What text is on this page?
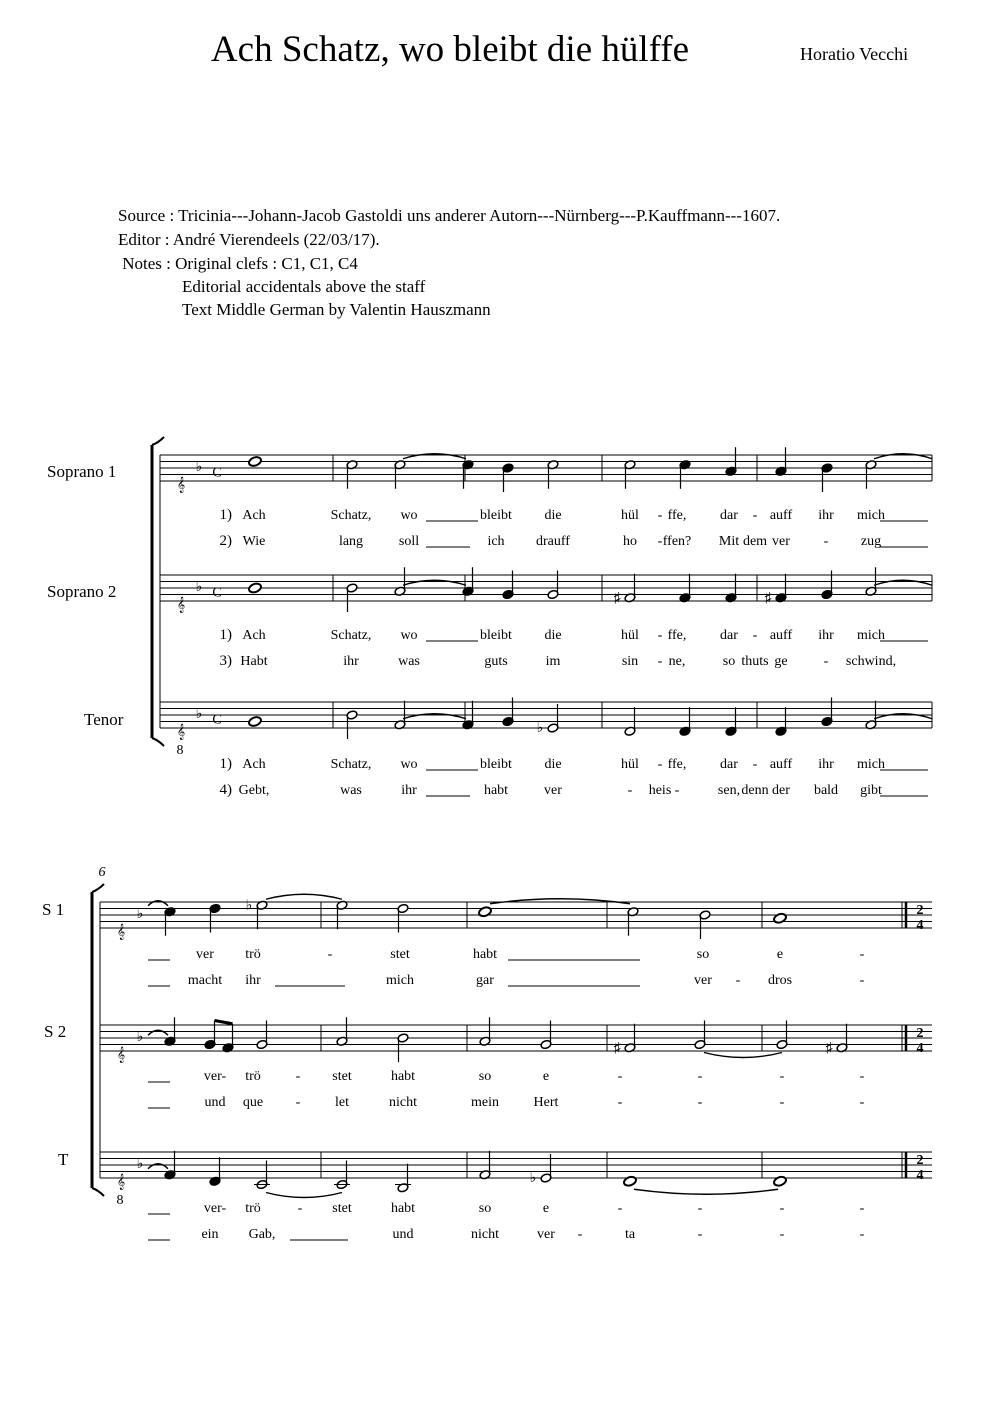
Ach Schatz, wo bleibt die hülffe	Horatio Vecchi
Source : Tricinia---Johann-Jacob Gastoldi uns anderer Autorn---Nürnberg---P.Kauffmann---1607.
Editor : André Vierendeels (22/03/17).
Notes : Original clefs : C1, C1, C4
Editorial accidentals above the staff
Text Middle German by Valentin Hauszmann
Soprano 1
Soprano 2
Tenor
S 1
S 2
T
𝄞
♭ C
𝄞
♭ C
𝄞
8
♭ C
♯	♯
♭
1) Ach	Schatz, wo	bleibt die	hül - ffe, dar - auff ihr mich
2) Wie	lang	soll	ich drauff	ho - ffen? Mit dem ver - zug
1) Ach	Schatz, wo	bleibt die	hül - ffe, dar - auff ihr mich
3) Habt	ihr	was	guts	im	sin - ne,	so thuts ge	- schwind,
1) Ach	Schatz, wo	bleibt die	hül - ffe, dar - auff ihr mich
4) Gebt,	was	ihr	habt	ver	- heis -	sen, denn der bald gibt
6
𝄞
♭	2
4
𝄞
♭	2
4
𝄞
8
♭	2
4
♭
♯	♯
♭
ver trö	-	stet	habt	so	e	-
macht ihr	mich	gar	ver - dros	-
ver- trö - stet	habt	so	e	-	-	-	-
und que - let	nicht	mein Hert	-	-	-	-
ver- trö	- stet	habt	so	e	-	-	-	-
ein Gab,	und	nicht	ver -	ta	-	-	-
